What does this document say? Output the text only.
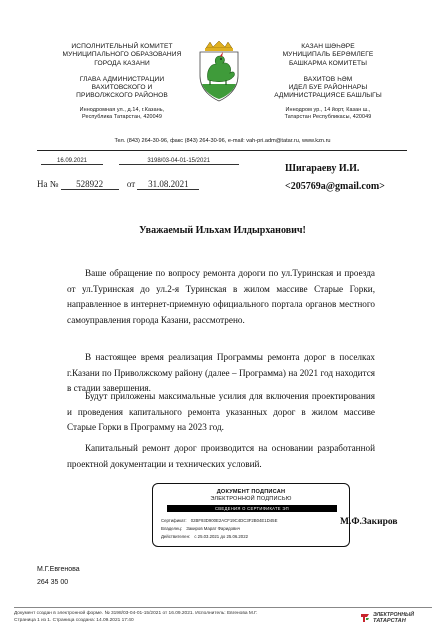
ИСПОЛНИТЕЛЬНЫЙ КОМИТЕТ
МУНИЦИПАЛЬНОГО ОБРАЗОВАНИЯ
ГОРОДА КАЗАНИ
ГЛАВА АДМИНИСТРАЦИИ
ВАХИТОВСКОГО И
ПРИВОЛЖСКОГО РАЙОНОВ
Иннодромная ул., д.14, г.Казань,
Республика Татарстан, 420049
КАЗАН ШӘҺӘРЕ
МУНИЦИПАЛЬ БЕРӘМЛЕГЕ
БАШКАРМА КОМИТЕТЫ
ВАХИТОВ ҺӘМ
ИДЕЛ БУЕ РАЙОННАРЫ
АДМИНИСТРАЦИЯСЕ БАШЛЫГЫ
Иннодром ур., 14 йорт, Казан ш.,
Татарстан Республикасы, 420049
Тел. (843) 264-30-96, факс (843) 264-30-96, e-mail: vah-pri.adm@tatar.ru, www.kzn.ru
16.09.2021	3198/03-04-01-15/2021
На № 528922	от 31.08.2021
Шигараеву И.И.
<205769a@gmail.com>
Уважаемый Ильхам Илдырханович!
Ваше обращение по вопросу ремонта дороги по ул.Туринская и проезда от ул.Туринская до ул.2-я Туринская в жилом массиве Старые Горки, направленное в интернет-приемную официального портала органов местного самоуправления города Казани, рассмотрено.
В настоящее время реализация Программы ремонта дорог в поселках г.Казани по Приволжскому району (далее – Программа) на 2021 год находится в стадии завершения.
Будут приложены максимальные усилия для включения проектирования и проведения капитального ремонта указанных дорог в жилом массиве Старые Горки в Программу на 2023 год.
Капитальный ремонт дорог производится на основании разработанной проектной документации и технических условий.
ДОКУМЕНТ ПОДПИСАН
ЭЛЕКТРОННОЙ ПОДПИСЬЮ
СВЕДЕНИЯ О СЕРТИФИКАТЕ ЭП
Сертификат: 02BF93D900E2ACF19C4DC3F2B04E1D45E
Владелец: Закиров Марат Фаридович
Действителен: с 25.03.2021 до 25.06.2022
М.Ф.Закиров
М.Г.Евгенова
264 35 00
Документ создан в электронной форме. № 3198/03-04-01-15/2021 от 16.09.2021. Исполнитель: Евгенова М.Г.
Страница 1 из 1. Страница создана: 14.09.2021 17:40
ЭЛЕКТРОННЫЙ
ТАТАРСТАН
